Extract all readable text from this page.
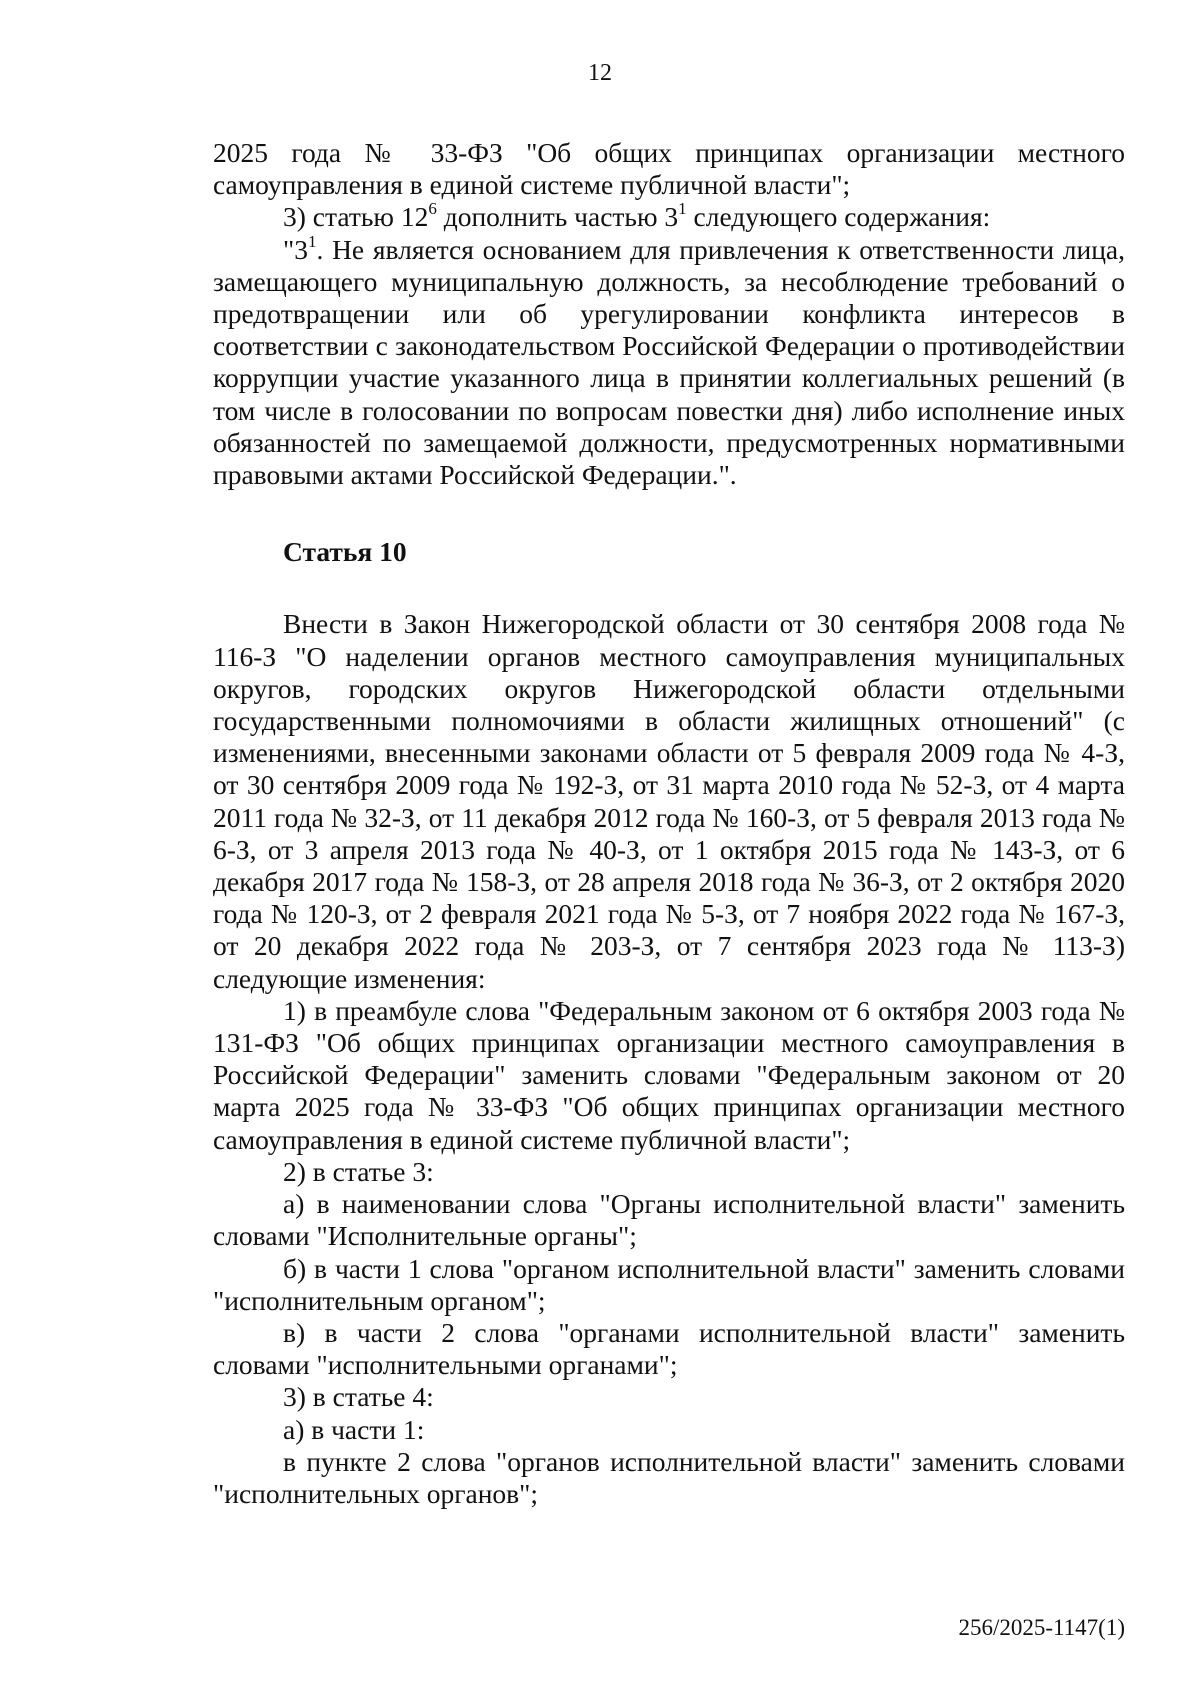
12

2025 года № 33-ФЗ "Об общих принципах организации местного самоуправления в единой системе публичной власти";

3) статью $12^6$ дополнить частью $3^1$ следующего содержания:

"$3^1$. Не является основанием для привлечения к ответственности лица, замещающего муниципальную должность, за несоблюдение требований о предотвращении или об урегулировании конфликта интересов в соответствии с законодательством Российской Федерации о противодействии коррупции участие указанного лица в принятии коллегиальных решений (в том числе в голосовании по вопросам повестки дня) либо исполнение иных обязанностей по замещаемой должности, предусмотренных нормативными правовыми актами Российской Федерации.".

Статья 10

Внести в Закон Нижегородской области от 30 сентября 2008 года № 116-З "О наделении органов местного самоуправления муниципальных округов, городских округов Нижегородской области отдельными государственными полномочиями в области жилищных отношений" (с изменениями, внесенными законами области от 5 февраля 2009 года № 4-З, от 30 сентября 2009 года № 192-З, от 31 марта 2010 года № 52-З, от 4 марта 2011 года № 32-З, от 11 декабря 2012 года № 160-З, от 5 февраля 2013 года № 6-З, от 3 апреля 2013 года № 40-З, от 1 октября 2015 года № 143-З, от 6 декабря 2017 года № 158-З, от 28 апреля 2018 года № 36-З, от 2 октября 2020 года № 120-З, от 2 февраля 2021 года № 5-З, от 7 ноября 2022 года № 167-З, от 20 декабря 2022 года № 203-З, от 7 сентября 2023 года № 113-З) следующие изменения:

1) в преамбуле слова "Федеральным законом от 6 октября 2003 года № 131-ФЗ "Об общих принципах организации местного самоуправления в Российской Федерации" заменить словами "Федеральным законом от 20 марта 2025 года № 33-ФЗ "Об общих принципах организации местного самоуправления в единой системе публичной власти";

2) в статье 3:

а) в наименовании слова "Органы исполнительной власти" заменить словами "Исполнительные органы";

б) в части 1 слова "органом исполнительной власти" заменить словами "исполнительным органом";

в) в части 2 слова "органами исполнительной власти" заменить словами "исполнительными органами";

3) в статье 4:

а) в части 1:

в пункте 2 слова "органов исполнительной власти" заменить словами "исполнительных органов";

256/2025-1147(1)
